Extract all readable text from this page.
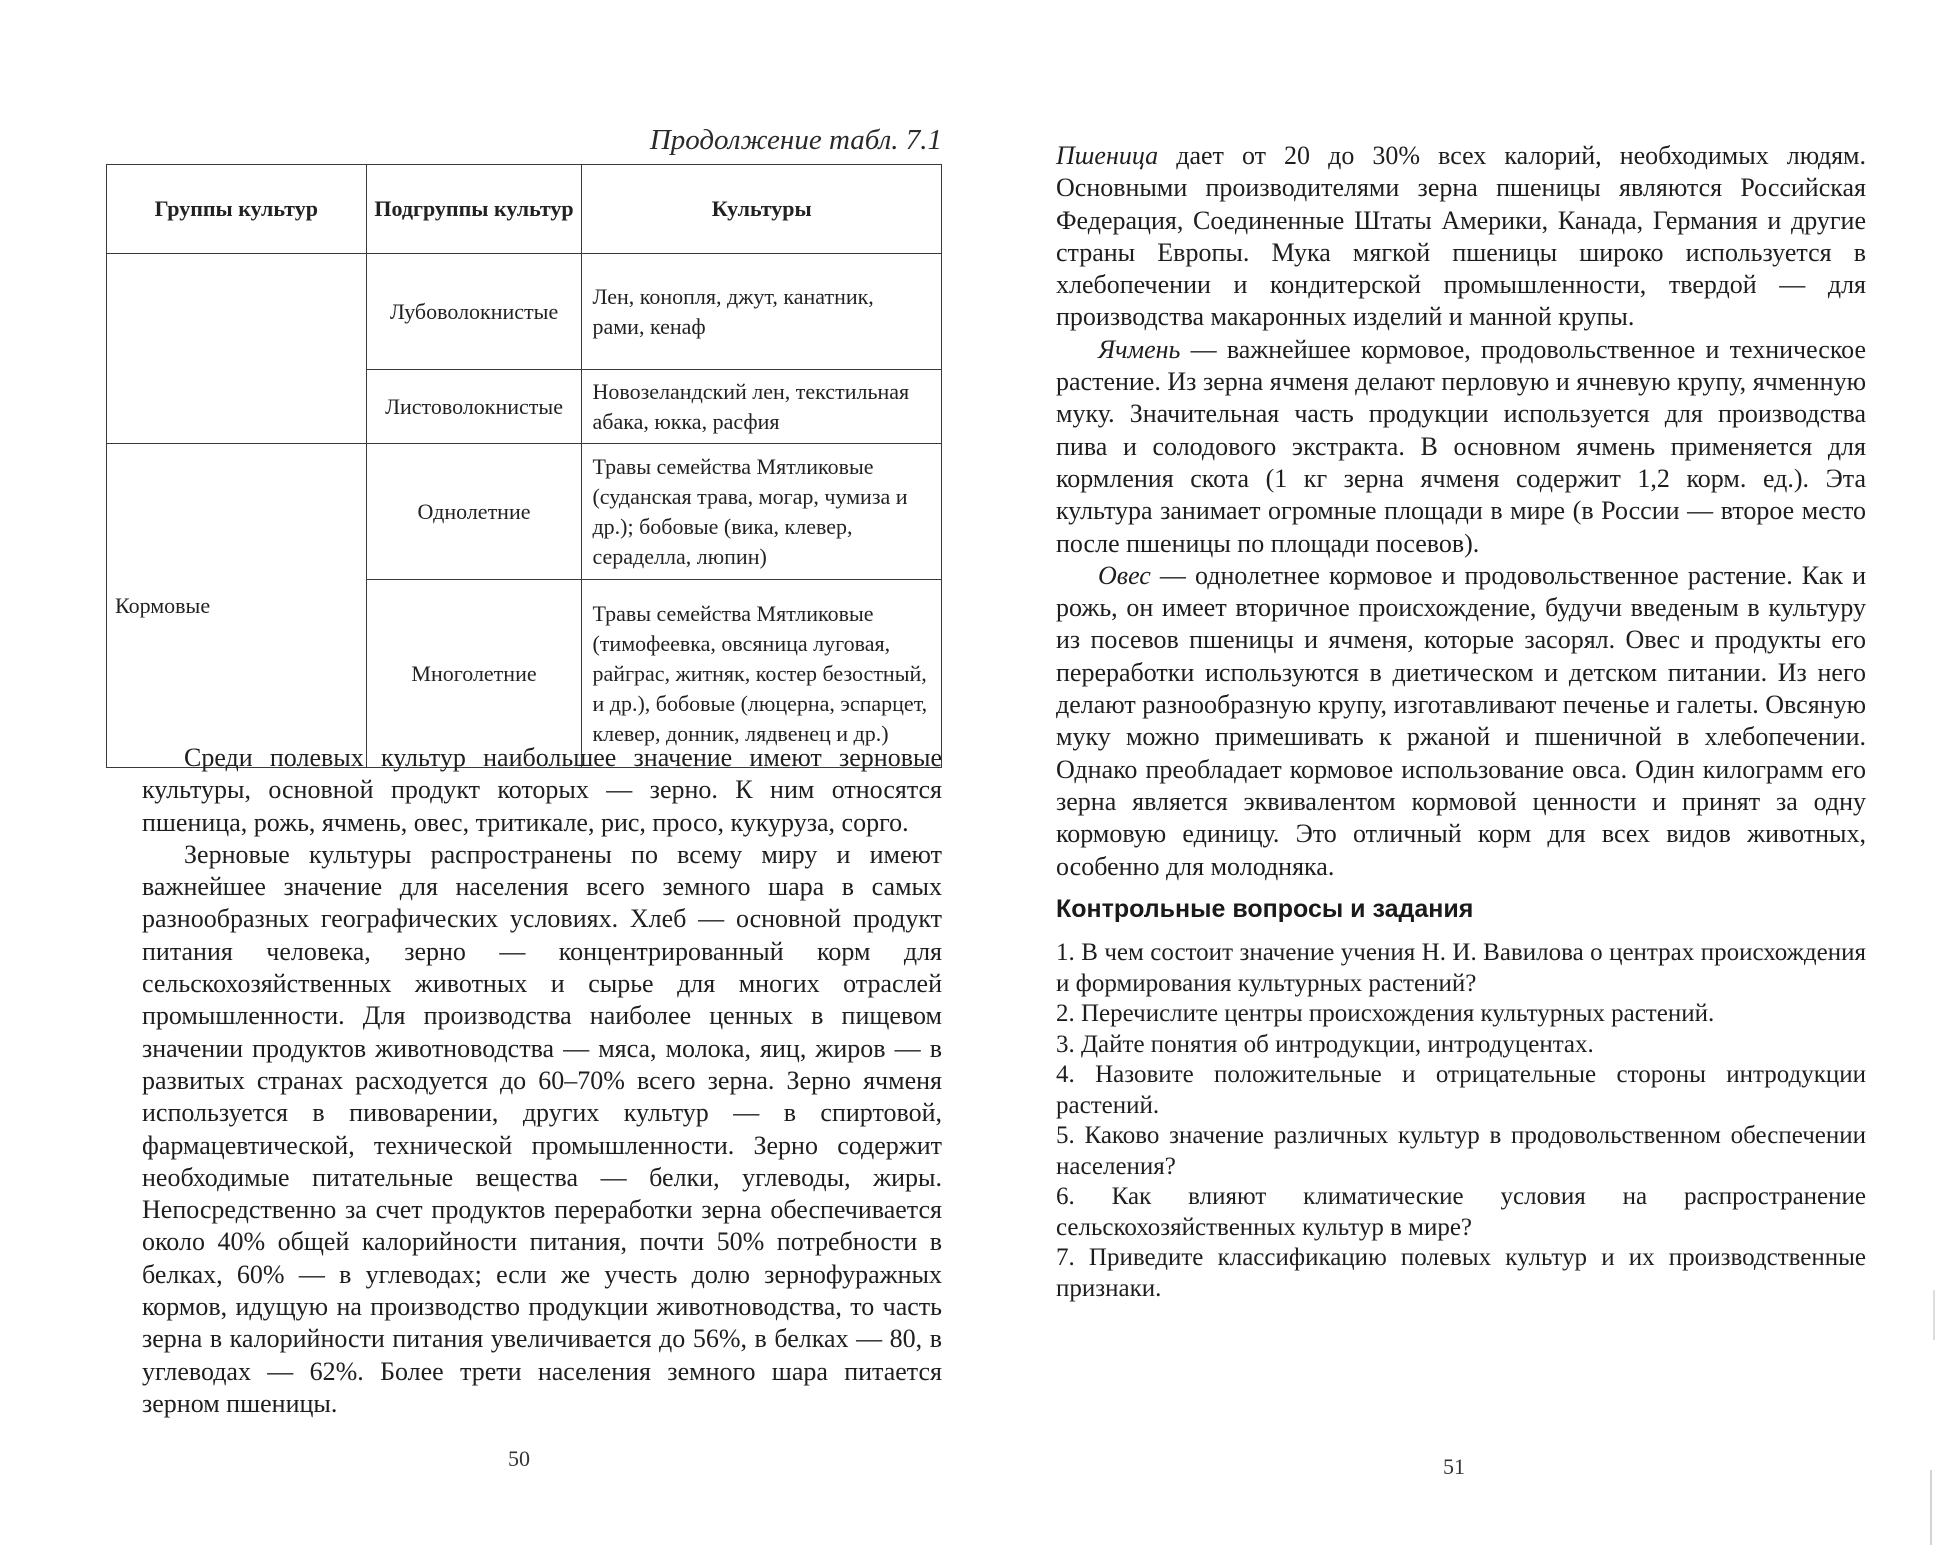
Продолжение табл. 7.1
Группы культур	Подгруппы культур	Культуры
	Лубоволокнистые	Лен, конопля, джут, канатник, рами, кенаф
	Листоволокнистые	Новозеландский лен, текстильная абака, юкка, расфия
Кормовые	Однолетние	Травы семейства Мятликовые (суданская трава, могар, чумиза и др.); бобовые (вика, клевер, сераделла, люпин)
	Многолетние	Травы семейства Мятликовые (тимофеевка, овсяница луговая, райграс, житняк, костер безостный, и др.), бобовые (люцерна, эспарцет, клевер, донник, лядвенец и др.)

Среди полевых культур наибольшее значение имеют зерновые культуры, основной продукт которых — зерно. К ним относятся пшеница, рожь, ячмень, овес, тритикале, рис, просо, кукуруза, сорго.

Зерновые культуры распространены по всему миру и имеют важнейшее значение для населения всего земного шара в самых разнообразных географических условиях. Хлеб — основной продукт питания человека, зерно — концентрированный корм для сельскохозяйственных животных и сырье для многих отраслей промышленности. Для производства наиболее ценных в пищевом значении продуктов животноводства — мяса, молока, яиц, жиров — в развитых странах расходуется до 60–70% всего зерна. Зерно ячменя используется в пивоварении, других культур — в спиртовой, фармацевтической, технической промышленности. Зерно содержит необходимые питательные вещества — белки, углеводы, жиры. Непосредственно за счет продуктов переработки зерна обеспечивается около 40% общей калорийности питания, почти 50% потребности в белках, 60% — в углеводах; если же учесть долю зернофуражных кормов, идущую на производство продукции животноводства, то часть зерна в калорийности питания увеличивается до 56%, в белках — 80, в углеводах — 62%. Более трети населения земного шара питается зерном пшеницы.

50

Пшеница дает от 20 до 30% всех калорий, необходимых людям. Основными производителями зерна пшеницы являются Российская Федерация, Соединенные Штаты Америки, Канада, Германия и другие страны Европы. Мука мягкой пшеницы широко используется в хлебопечении и кондитерской промышленности, твердой — для производства макаронных изделий и манной крупы.

Ячмень — важнейшее кормовое, продовольственное и техническое растение. Из зерна ячменя делают перловую и ячневую крупу, ячменную муку. Значительная часть продукции используется для производства пива и солодового экстракта. В основном ячмень применяется для кормления скота (1 кг зерна ячменя содержит 1,2 корм. ед.). Эта культура занимает огромные площади в мире (в России — второе место после пшеницы по площади посевов).

Овес — однолетнее кормовое и продовольственное растение. Как и рожь, он имеет вторичное происхождение, будучи введеным в культуру из посевов пшеницы и ячменя, которые засорял. Овес и продукты его переработки используются в диетическом и детском питании. Из него делают разнообразную крупу, изготавливают печенье и галеты. Овсяную муку можно примешивать к ржаной и пшеничной в хлебопечении. Однако преобладает кормовое использование овса. Один килограмм его зерна является эквивалентом кормовой ценности и принят за одну кормовую единицу. Это отличный корм для всех видов животных, особенно для молодняка.

Контрольные вопросы и задания
1. В чем состоит значение учения Н. И. Вавилова о центрах происхождения и формирования культурных растений?
2. Перечислите центры происхождения культурных растений.
3. Дайте понятия об интродукции, интродуцентах.
4. Назовите положительные и отрицательные стороны интродукции растений.
5. Каково значение различных культур в продовольственном обеспечении населения?
6. Как влияют климатические условия на распространение сельскохозяйственных культур в мире?
7. Приведите классификацию полевых культур и их производственные признаки.
51
